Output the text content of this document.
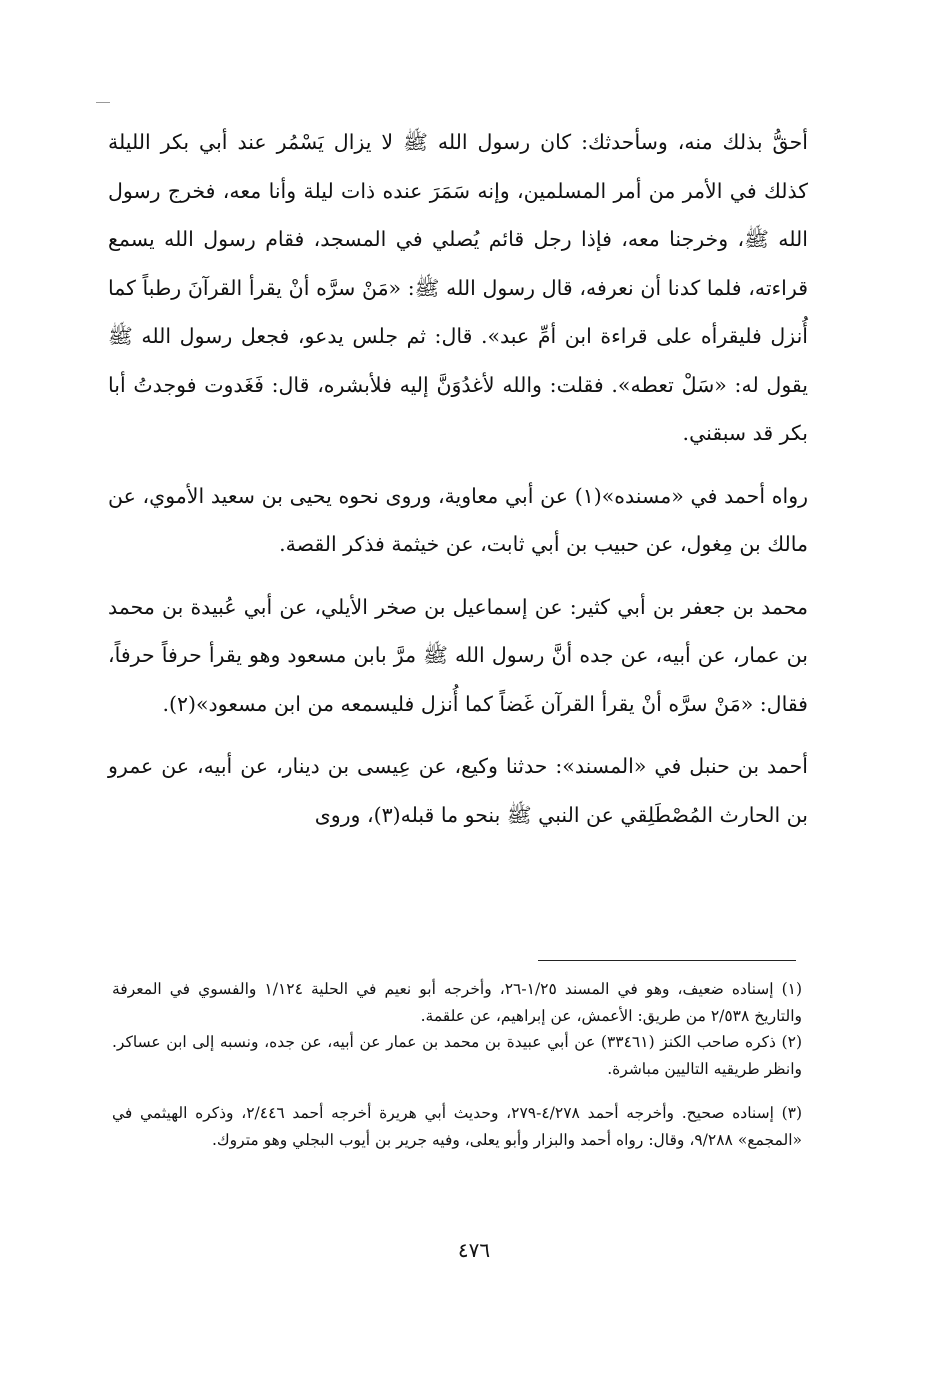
أحقُّ بذلك منه، وسأحدثك: كان رسول الله ﷺ لا يزال يَسْمُر عند أبي بكر الليلة كذلك في الأمر من أمر المسلمين، وإنه سَمَرَ عنده ذات ليلة وأنا معه، فخرج رسول الله ﷺ، وخرجنا معه، فإذا رجل قائم يُصلي في المسجد، فقام رسول الله يسمع قراءته، فلما كدنا أن نعرفه، قال رسول الله ﷺ: «مَنْ سرَّه أنْ يقرأ القرآنَ رطباً كما أُنزل فليقرأه على قراءة ابن أمِّ عبد». قال: ثم جلس يدعو، فجعل رسول الله ﷺ يقول له: «سَلْ تعطه». فقلت: والله لأغدُوَنَّ إليه فلأبشره، قال: فَغَدوت فوجدتُ أبا بكر قد سبقني.

رواه أحمد في «مسنده»(١) عن أبي معاوية، وروى نحوه يحيى بن سعيد الأموي، عن مالك بن مِغول، عن حبيب بن أبي ثابت، عن خيثمة فذكر القصة.

محمد بن جعفر بن أبي كثير: عن إسماعيل بن صخر الأيلي، عن أبي عُبيدة بن محمد بن عمار، عن أبيه، عن جده أنَّ رسول الله ﷺ مرَّ بابن مسعود وهو يقرأ حرفاً حرفاً، فقال: «مَنْ سرَّه أنْ يقرأ القرآن غَضاً كما أُنزل فليسمعه من ابن مسعود»(٢).

أحمد بن حنبل في «المسند»: حدثنا وكيع، عن عِيسى بن دينار، عن أبيه، عن عمرو بن الحارث المُصْطَلِقي عن النبي ﷺ بنحو ما قبله(٣)، وروى

(١) إسناده ضعيف، وهو في المسند ١/٢٥-٢٦، وأخرجه أبو نعيم في الحلية ١/١٢٤ والفسوي في المعرفة والتاريخ ٢/٥٣٨ من طريق: الأعمش، عن إبراهيم، عن علقمة.

(٢) ذكره صاحب الكنز (٣٣٤٦١) عن أبي عبيدة بن محمد بن عمار عن أبيه، عن جده، ونسبه إلى ابن عساكر. وانظر طريقيه التاليين مباشرة.

(٣) إسناده صحيح. وأخرجه أحمد ٤/٢٧٨-٢٧٩، وحديث أبي هريرة أخرجه أحمد ٢/٤٤٦، وذكره الهيثمي في «المجمع» ٩/٢٨٨، وقال: رواه أحمد والبزار وأبو يعلى، وفيه جرير بن أيوب البجلي وهو متروك.

٤٧٦
